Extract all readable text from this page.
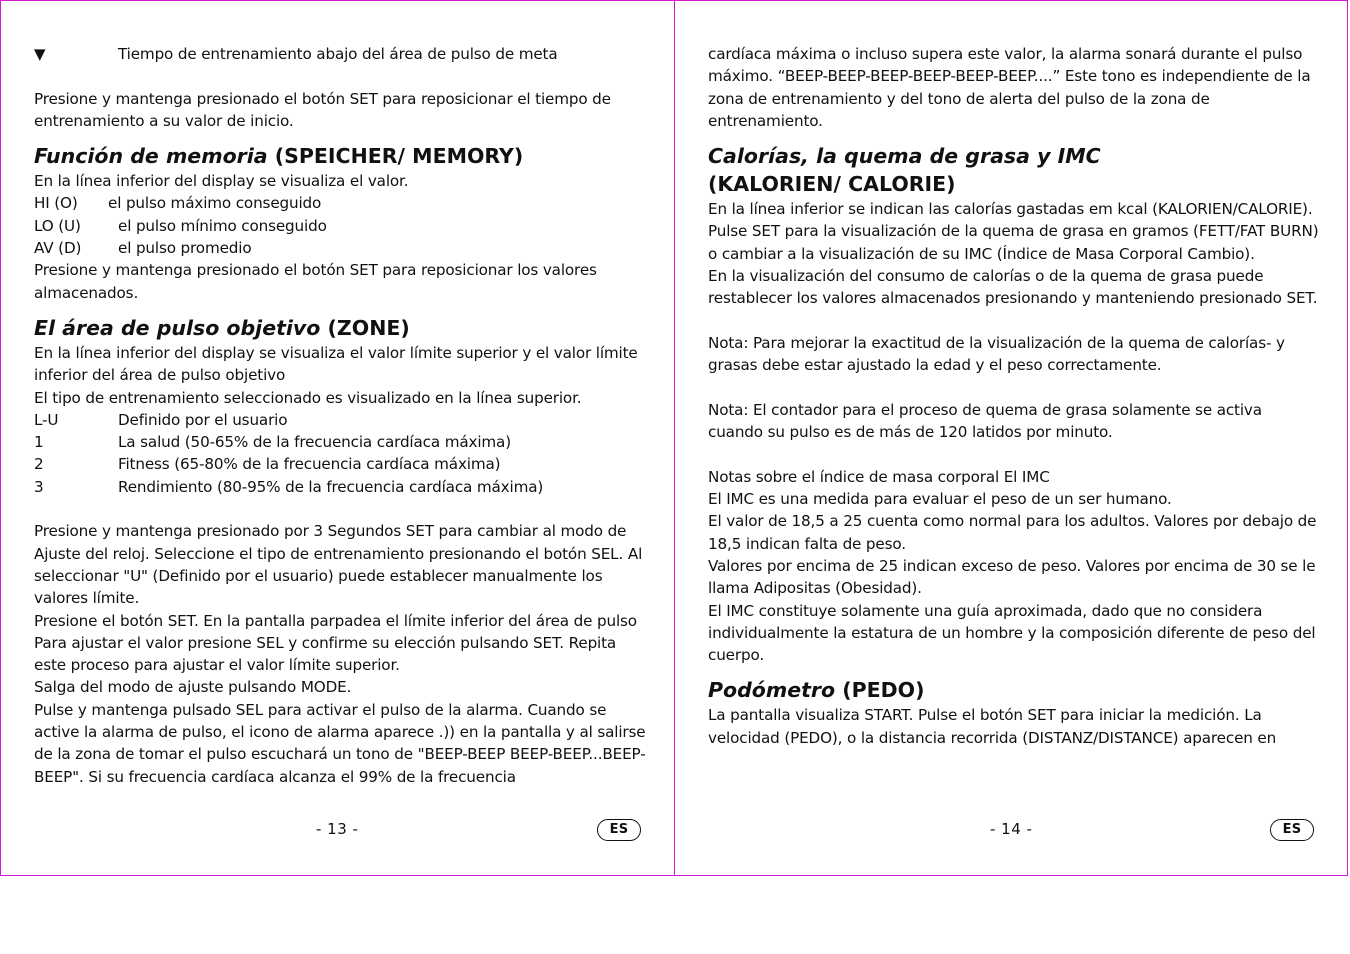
▼	Tiempo de entrenamiento abajo del área de pulso de meta

Presione y mantenga presionado el botón SET para reposicionar el tiempo de entrenamiento a su valor de inicio.

Función de memoria (SPEICHER/ MEMORY)

En la línea inferior del display se visualiza el valor.

HI (O)	el pulso máximo conseguido
LO (U)	el pulso mínimo conseguido
AV (D)	el pulso promedio

Presione y mantenga presionado el botón SET para reposicionar los valores almacenados.

El área de pulso objetivo (ZONE)

En la línea inferior del display se visualiza el valor límite superior y el valor límite inferior del área de pulso objetivo

El tipo de entrenamiento seleccionado es visualizado en la línea superior.

L-U	Definido por el usuario
1	La salud (50-65% de la frecuencia cardíaca máxima)
2	Fitness (65-80% de la frecuencia cardíaca máxima)
3	Rendimiento (80-95% de la frecuencia cardíaca máxima)

Presione y mantenga presionado por 3 Segundos SET para cambiar al modo de Ajuste del reloj. Seleccione el tipo de entrenamiento presionando el botón SEL. Al seleccionar "U" (Definido por el usuario) puede establecer manualmente los valores límite.

Presione el botón SET. En la pantalla parpadea el límite inferior del área de pulso Para ajustar el valor presione SEL y confirme su elección pulsando SET. Repita este proceso para ajustar el valor límite superior.

Salga del modo de ajuste pulsando MODE.

Pulse y mantenga pulsado SEL para activar el pulso de la alarma. Cuando se active la alarma de pulso, el icono de alarma aparece .)) en la pantalla y al salirse de la zona de tomar el pulso escuchará un tono de "BEEP-BEEP BEEP-BEEP...BEEP-BEEP". Si su frecuencia cardíaca alcanza el 99% de la frecuencia

- 13 -	ES

cardíaca máxima o incluso supera este valor, la alarma sonará durante el pulso máximo. “BEEP-BEEP-BEEP-BEEP-BEEP-BEEP....” Este tono es independiente de la zona de entrenamiento y del tono de alerta del pulso de la zona de entrenamiento.

Calorías, la quema de grasa y IMC
(KALORIEN/ CALORIE)

En la línea inferior se indican las calorías gastadas em kcal (KALORIEN/CALORIE). Pulse SET para la visualización de la quema de grasa en gramos (FETT/FAT BURN) o cambiar a la visualización de su IMC (Índice de Masa Corporal Cambio).

En la visualización del consumo de calorías o de la quema de grasa puede restablecer los valores almacenados presionando y manteniendo presionado SET.

Nota: Para mejorar la exactitud de la visualización de la quema de calorías- y grasas debe estar ajustado la edad y el peso correctamente.

Nota: El contador para el proceso de quema de grasa solamente se activa cuando su pulso es de más de 120 latidos por minuto.

Notas sobre el índice de masa corporal El IMC

El IMC es una medida para evaluar el peso de un ser humano.

El valor de 18,5 a 25 cuenta como normal para los adultos. Valores por debajo de 18,5 indican falta de peso.

Valores por encima de 25 indican exceso de peso. Valores por encima de 30 se le llama Adipositas (Obesidad).

El IMC constituye solamente una guía aproximada, dado que no considera individualmente la estatura de un hombre y la composición diferente de peso del cuerpo.

Podómetro (PEDO)

La pantalla visualiza START. Pulse el botón SET para iniciar la medición. La velocidad (PEDO), o la distancia recorrida (DISTANZ/DISTANCE) aparecen en

- 14 -	ES
